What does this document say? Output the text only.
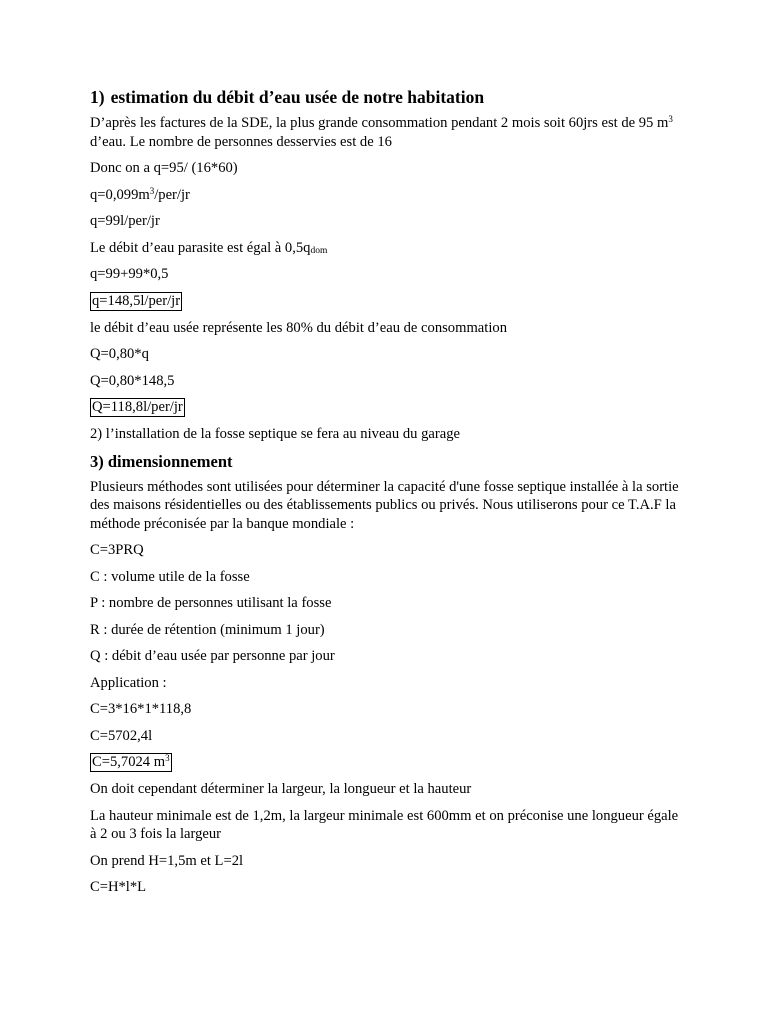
1) estimation du débit d’eau usée de notre habitation

D’après les factures de la SDE, la plus grande consommation pendant 2 mois soit 60jrs est de 95 $m^3$ d’eau. Le nombre de personnes desservies est de 16

Donc on a q=95/ (16*60)

$q=0,099m^3/per/jr$

q=99l/per/jr

Le débit d’eau parasite est égal à $0,5q_{dom}$

q=99+99*0,5

q=148,5l/per/jr

le débit d’eau usée représente les 80% du débit d’eau de consommation

Q=0,80*q

Q=0,80*148,5

Q=118,8l/per/jr

2) l’installation de la fosse septique se fera au niveau du garage

3) dimensionnement

Plusieurs méthodes sont utilisées pour déterminer la capacité d'une fosse septique installée à la sortie des maisons résidentielles ou des établissements publics ou privés. Nous utiliserons pour ce T.A.F la méthode préconisée par la banque mondiale :

C=3PRQ

C : volume utile de la fosse

P : nombre de personnes utilisant la fosse

R : durée de rétention (minimum 1 jour)

Q : débit d’eau usée par personne par jour

Application :

C=3*16*1*118,8

C=5702,4l

C=5,7024 $m^3$

On doit cependant déterminer la largeur, la longueur et la hauteur

La hauteur minimale est de 1,2m, la largeur minimale est 600mm et on préconise une longueur égale à 2 ou 3 fois la largeur

On prend H=1,5m et L=2l

C=H*l*L
